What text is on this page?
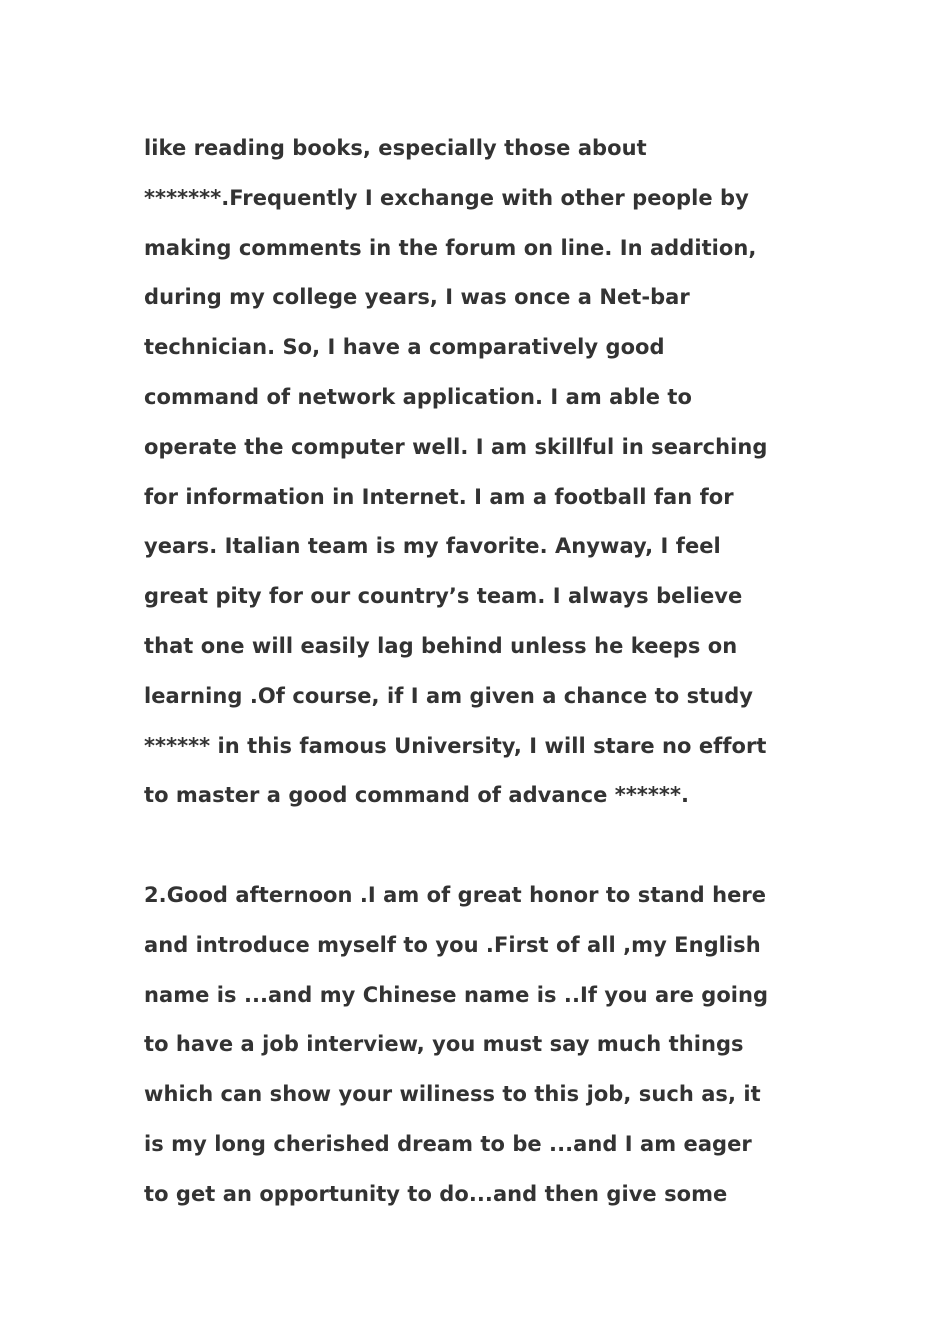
like reading books, especially those about
*******.Frequently I exchange with other people by
making comments in the forum on line. In addition,
during my college years, I was once a Net-bar
technician. So, I have a comparatively good
command of network application. I am able to
operate the computer well. I am skillful in searching
for information in Internet. I am a football fan for
years. Italian team is my favorite. Anyway, I feel
great pity for our country’s team. I always believe
that one will easily lag behind unless he keeps on
learning .Of course, if I am given a chance to study
****** in this famous University, I will stare no effort
to master a good command of advance ******.
2.Good afternoon .I am of great honor to stand here
and introduce myself to you .First of all ,my English
name is ...and my Chinese name is ..If you are going
to have a job interview, you must say much things
which can show your wiliness to this job, such as, it
is my long cherished dream to be ...and I am eager
to get an opportunity to do...and then give some
